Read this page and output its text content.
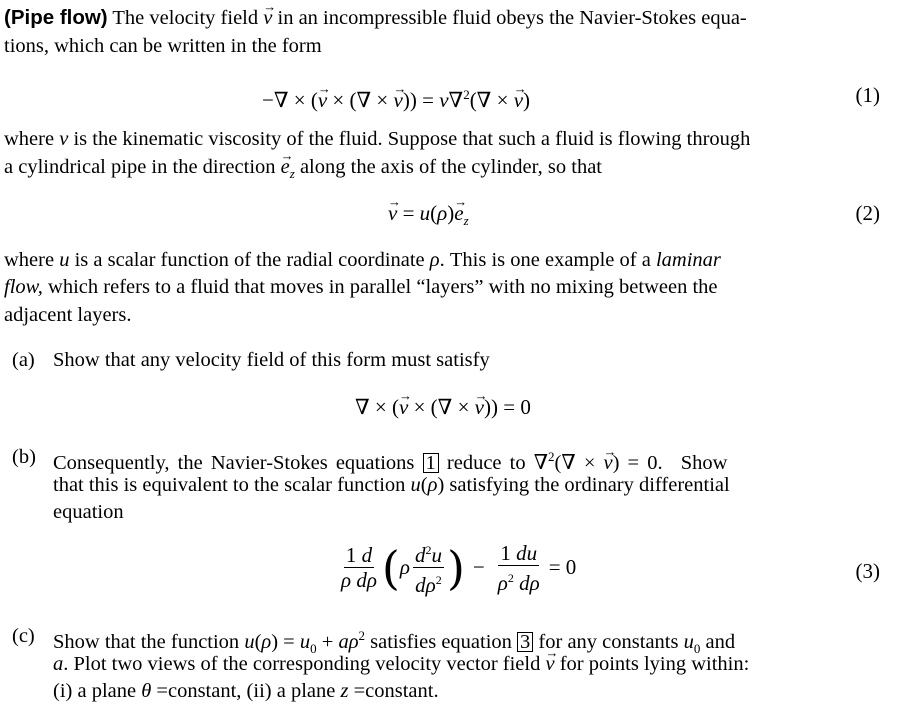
(Pipe flow) The velocity field → v in an incompressible fluid obeys the Navier-Stokes equa-
tions, which can be written in the form
−∇ × (→ v × (∇ × → v)) = ν∇$^2$(∇ × → v)	(1)
where ν is the kinematic viscosity of the fluid. Suppose that such a fluid is flowing through
a cylindrical pipe in the direction → $e_z$ along the axis of the cylinder, so that
→ $v = u(\rho)\to e_z$	(2)
where u is a scalar function of the radial coordinate ρ. This is one example of a laminar
flow, which refers to a fluid that moves in parallel “layers” with no mixing between the
adjacent layers.
(a) Show that any velocity field of this form must satisfy
∇ × (→ v × (∇ × → v)) = 0
(b) Consequently, the Navier-Stokes equations 1 reduce to ∇$^2$(∇ × → v) = 0. Show
that this is equivalent to the scalar function u(ρ) satisfying the ordinary differential
equation
$\frac{1 d}{\text{ρ dρ}}$ ( ρ $\frac{d^2u}{d\rho^2}$ ) − $\frac{1 du}{\rho^2 d\rho} = 0$	(3)
(c) Show that the function $u(\rho) = u_0 + a\rho^2$ satisfies equation 3 for any constants $u_0$ and
a. Plot two views of the corresponding velocity vector field → v for points lying within:
(i) a plane θ =constant, (ii) a plane z =constant.
